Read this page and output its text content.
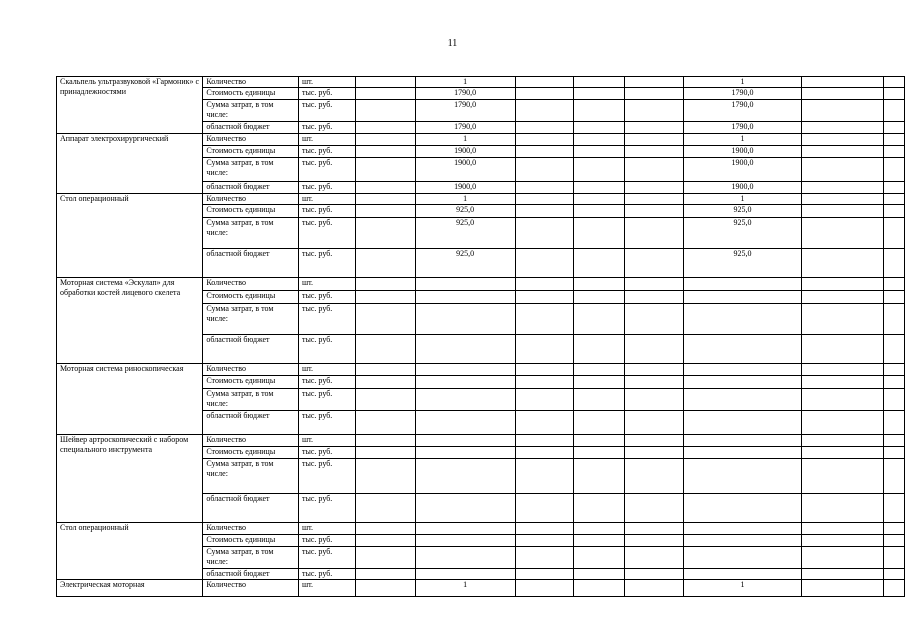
11
Скальпель ультразвуковой «Гармоник» с принадлежностями	Количество	шт.		1				1		
	Стоимость единицы	тыс. руб.		1790,0				1790,0		
	Сумма затрат, в том числе:	тыс. руб.		1790,0				1790,0		
	областной бюджет	тыс. руб.		1790,0				1790,0		
Аппарат электрохирургический	Количество	шт.		1				1		
	Стоимость единицы	тыс. руб.		1900,0				1900,0		
	Сумма затрат, в том числе:	тыс. руб.		1900,0				1900,0		
	областной бюджет	тыс. руб.		1900,0				1900,0		
Стол операционный	Количество	шт.		1				1		
	Стоимость единицы	тыс. руб.		925,0				925,0		
	Сумма затрат, в том числе:	тыс. руб.		925,0				925,0		
	областной бюджет	тыс. руб.		925,0				925,0		
Моторная система «Эскулап» для обработки костей лицевого скелета	Количество	шт.								
	Стоимость единицы	тыс. руб.								
	Сумма затрат, в том числе:	тыс. руб.								
	областной бюджет	тыс. руб.								
Моторная система риноскопическая	Количество	шт.								
	Стоимость единицы	тыс. руб.								
	Сумма затрат, в том числе:	тыс. руб.								
	областной бюджет	тыс. руб.								
Шейвер артроскопический с набором специального инструмента	Количество	шт.								
	Стоимость единицы	тыс. руб.								
	Сумма затрат, в том числе:	тыс. руб.								
	областной бюджет	тыс. руб.								
Стол операционный	Количество	шт.								
	Стоимость единицы	тыс. руб.								
	Сумма затрат, в том числе:	тыс. руб.								
	областной бюджет	тыс. руб.								
Электрическая моторная	Количество	шт.		1				1		
